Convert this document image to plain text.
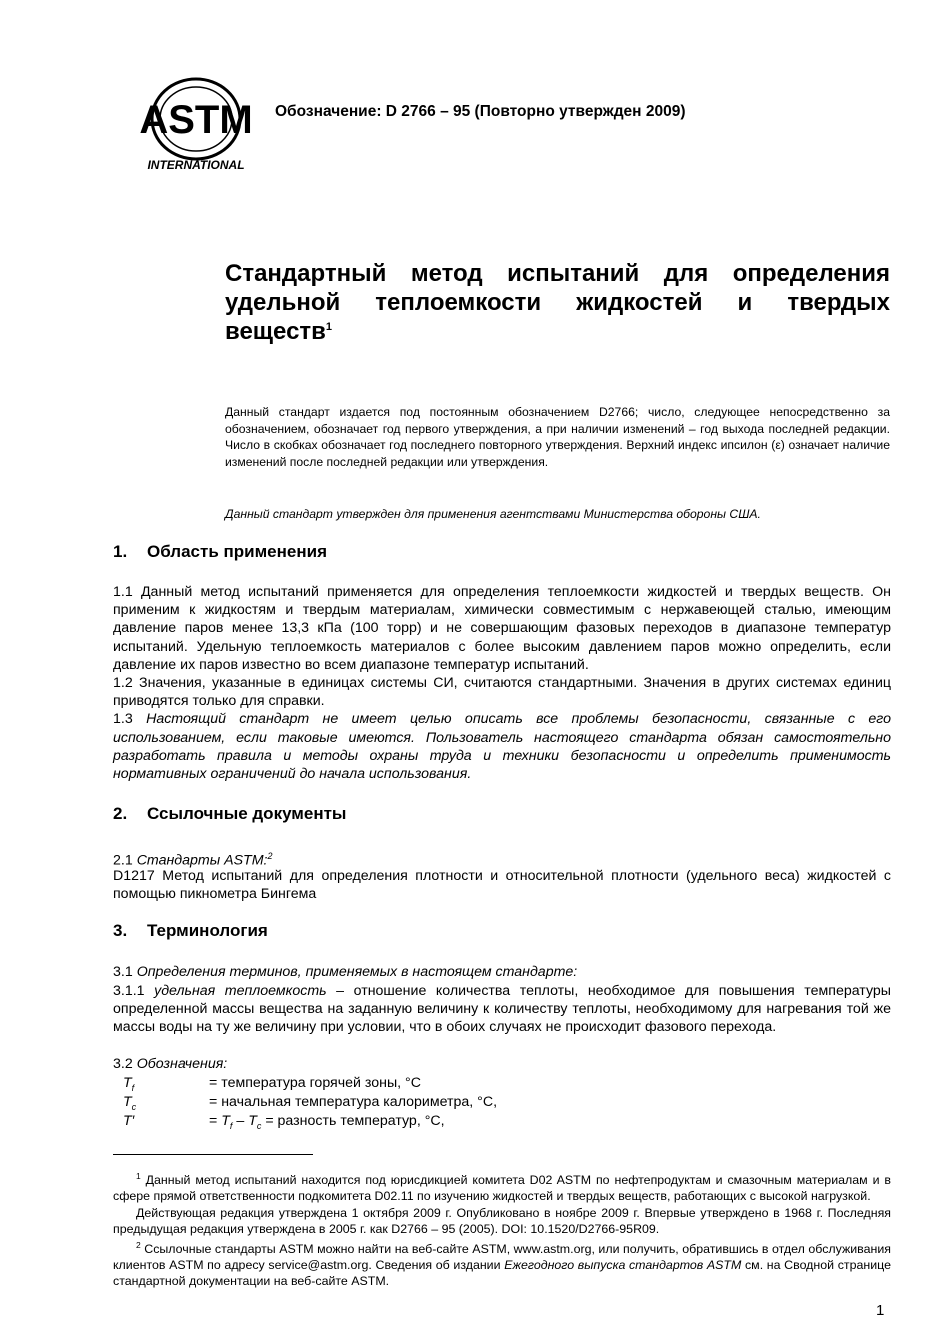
ASTM
INTERNATIONAL
Обозначение: D 2766 – 95 (Повторно утвержден 2009)
Стандартный метод испытаний для определения
удельной теплоемкости жидкостей и твердых
веществ$^1$
Данный стандарт издается под постоянным обозначением D2766; число, следующее непосредственно за обозначением, обозначает год первого утверждения, а при наличии изменений – год выхода последней редакции. Число в скобках обозначает год последнего повторного утверждения. Верхний индекс ипсилон (ε) означает наличие изменений после последней редакции или утверждения.
Данный стандарт утвержден для применения агентствами Министерства обороны США.
1. Область применения

1.1 Данный метод испытаний применяется для определения теплоемкости жидкостей и твердых веществ. Он применим к жидкостям и твердым материалам, химически совместимым с нержавеющей сталью, имеющим давление паров менее 13,3 кПа (100 торр) и не совершающим фазовых переходов в диапазоне температур испытаний. Удельную теплоемкость материалов с более высоким давлением паров можно определить, если давление их паров известно во всем диапазоне температур испытаний.

1.2 Значения, указанные в единицах системы СИ, считаются стандартными. Значения в других системах единиц приводятся только для справки.

1.3 Настоящий стандарт не имеет целью описать все проблемы безопасности, связанные с его использованием, если таковые имеются. Пользователь настоящего стандарта обязан самостоятельно разработать правила и методы охраны труда и техники безопасности и определить применимость нормативных ограничений до начала использования.

2. Ссылочные документы
2.1 Стандарты ASTM:$^2$
D1217 Метод испытаний для определения плотности и относительной плотности (удельного веса) жидкостей с помощью пикнометра Бингема
3. Терминология
3.1 Определения терминов, применяемых в настоящем стандарте:
3.1.1 удельная теплоемкость – отношение количества теплоты, необходимое для повышения температуры определенной массы вещества на заданную величину к количеству теплоты, необходимому для нагревания той же массы воды на ту же величину при условии, что в обоих случаях не происходит фазового перехода.
3.2 Обозначения:
$T_f$	= температура горячей зоны, °C
$T_c$	= начальная температура калориметра, °C,
T′	= $T_f - T_c$ = разность температур, °C,

$^1$ Данный метод испытаний находится под юрисдикцией комитета D02 ASTM по нефтепродуктам и смазочным материалам и в сфере прямой ответственности подкомитета D02.11 по изучению жидкостей и твердых веществ, работающих с высокой нагрузкой.

Действующая редакция утверждена 1 октября 2009 г. Опубликовано в ноябре 2009 г. Впервые утверждено в 1968 г. Последняя предыдущая редакция утверждена в 2005 г. как D2766 – 95 (2005). DOI: 10.1520/D2766-95R09.

$^2$ Ссылочные стандарты ASTM можно найти на веб-сайте ASTM, www.astm.org, или получить, обратившись в отдел обслуживания клиентов ASTM по адресу service@astm.org. Сведения об издании Ежегодного выпуска стандартов ASTM см. на Сводной странице стандартной документации на веб-сайте ASTM.

1
